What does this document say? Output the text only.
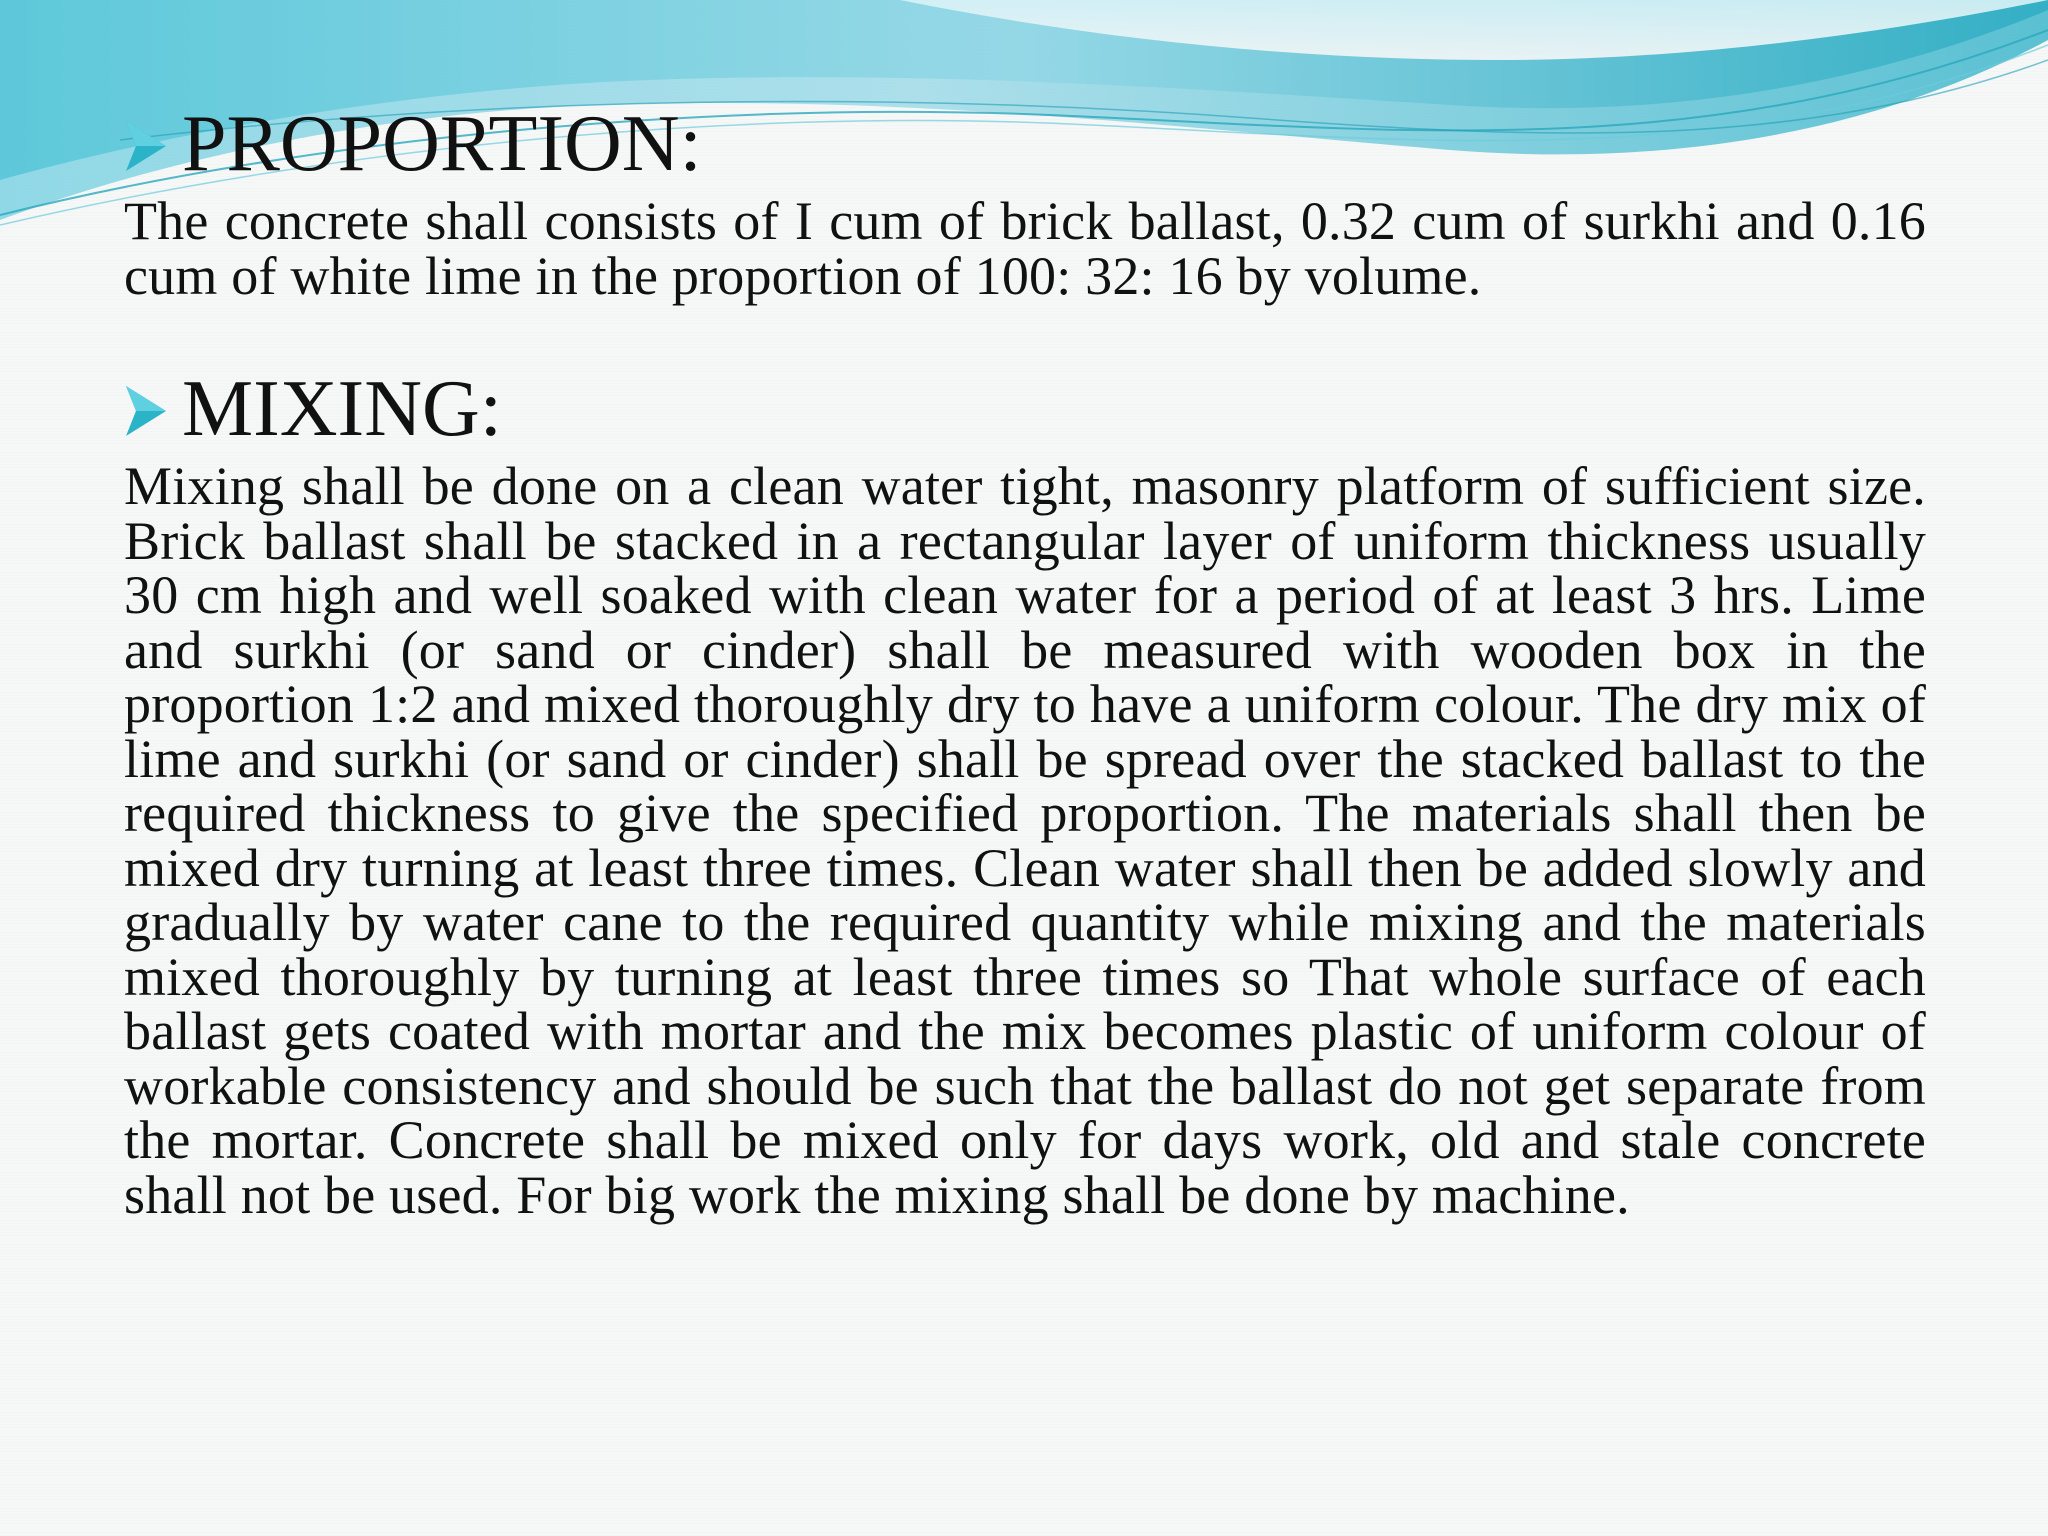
PROPORTION:

The concrete shall consists of I cum of brick ballast, 0.32 cum of surkhi and 0.16 cum of white lime in the proportion of 100: 32: 16 by volume.

MIXING:

Mixing shall be done on a clean water tight, masonry platform of sufficient size. Brick ballast shall be stacked in a rectangular layer of uniform thickness usually 30 cm high and well soaked with clean water for a period of at least 3 hrs. Lime and surkhi (or sand or cinder) shall be measured with wooden box in the proportion 1:2 and mixed thoroughly dry to have a uniform colour. The dry mix of lime and surkhi (or sand or cinder) shall be spread over the stacked ballast to the required thickness to give the specified proportion. The materials shall then be mixed dry turning at least three times. Clean water shall then be added slowly and gradually by water cane to the required quantity while mixing and the materials mixed thoroughly by turning at least three times so That whole surface of each ballast gets coated with mortar and the mix becomes plastic of uniform colour of workable consistency and should be such that the ballast do not get separate from the mortar. Concrete shall be mixed only for days work, old and stale concrete shall not be used. For big work the mixing shall be done by machine.
